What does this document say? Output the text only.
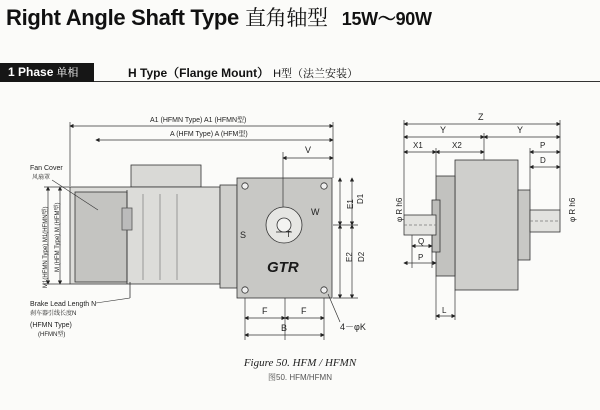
Right Angle Shaft Type 直角轴型 15W～90W
1 Phase 单相	H Type（Flange Mount） H型（法兰安装）
GTR
A1 (HFMN Type) A1 (HFMN型)
A (HFM Type) A (HFM型)
V
S	T
W
E1
D1
E2 D2
F	F
B	4－φK
M1(HFMN Type) M1(HFMN型)	M (HFM Type) M (HFM型)
Fan Cover
风扇罩
Brake Lead Length N
刹车器引线长度N
(HFMN Type)
(HFMN型)
Z
Y	Y
X1	X2	P
D
Q
P
L
φ R h6	φ R h6
Figure 50. HFM / HFMN
图50. HFM/HFMN
